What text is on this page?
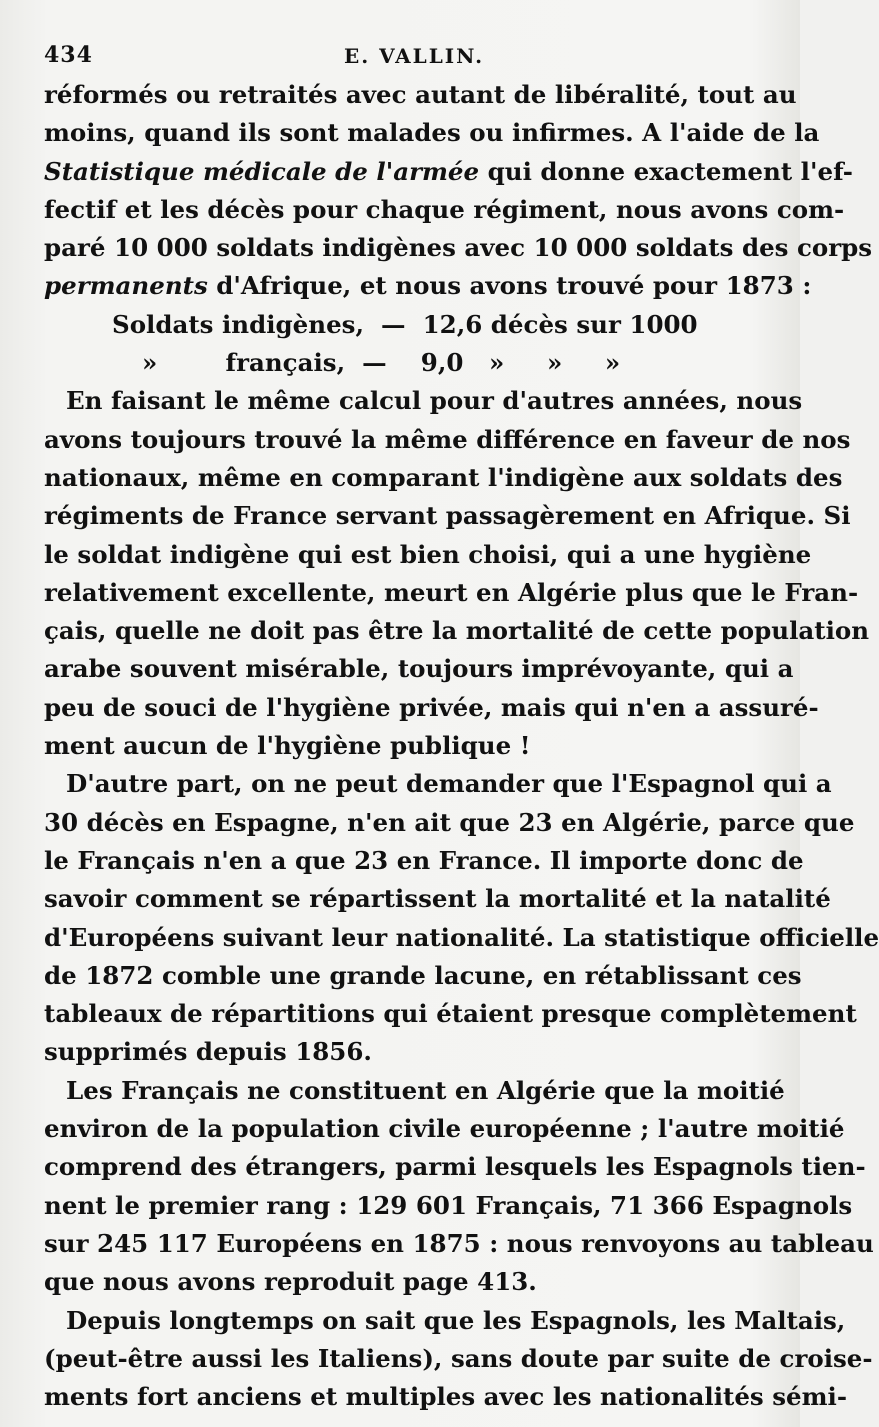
434	E. VALLIN.
réformés ou retraités avec autant de libéralité, tout au
moins, quand ils sont malades ou infirmes. A l'aide de la
Statistique médicale de l'armée qui donne exactement l'ef-
fectif et les décès pour chaque régiment, nous avons com-
paré 10 000 soldats indigènes avec 10 000 soldats des corps
permanents d'Afrique, et nous avons trouvé pour 1873 :
Soldats indigènes,  —  12,6 décès sur 1000
»        français,  —    9,0   »     »     »
En faisant le même calcul pour d'autres années, nous
avons toujours trouvé la même différence en faveur de nos
nationaux, même en comparant l'indigène aux soldats des
régiments de France servant passagèrement en Afrique. Si
le soldat indigène qui est bien choisi, qui a une hygiène
relativement excellente, meurt en Algérie plus que le Fran-
çais, quelle ne doit pas être la mortalité de cette population
arabe souvent misérable, toujours imprévoyante, qui a
peu de souci de l'hygiène privée, mais qui n'en a assuré-
ment aucun de l'hygiène publique !
D'autre part, on ne peut demander que l'Espagnol qui a
30 décès en Espagne, n'en ait que 23 en Algérie, parce que
le Français n'en a que 23 en France. Il importe donc de
savoir comment se répartissent la mortalité et la natalité
d'Européens suivant leur nationalité. La statistique officielle
de 1872 comble une grande lacune, en rétablissant ces
tableaux de répartitions qui étaient presque complètement
supprimés depuis 1856.
Les Français ne constituent en Algérie que la moitié
environ de la population civile européenne ; l'autre moitié
comprend des étrangers, parmi lesquels les Espagnols tien-
nent le premier rang : 129 601 Français, 71 366 Espagnols
sur 245 117 Européens en 1875 : nous renvoyons au tableau
que nous avons reproduit page 413.
Depuis longtemps on sait que les Espagnols, les Maltais,
(peut-être aussi les Italiens), sans doute par suite de croise-
ments fort anciens et multiples avec les nationalités sémi-
